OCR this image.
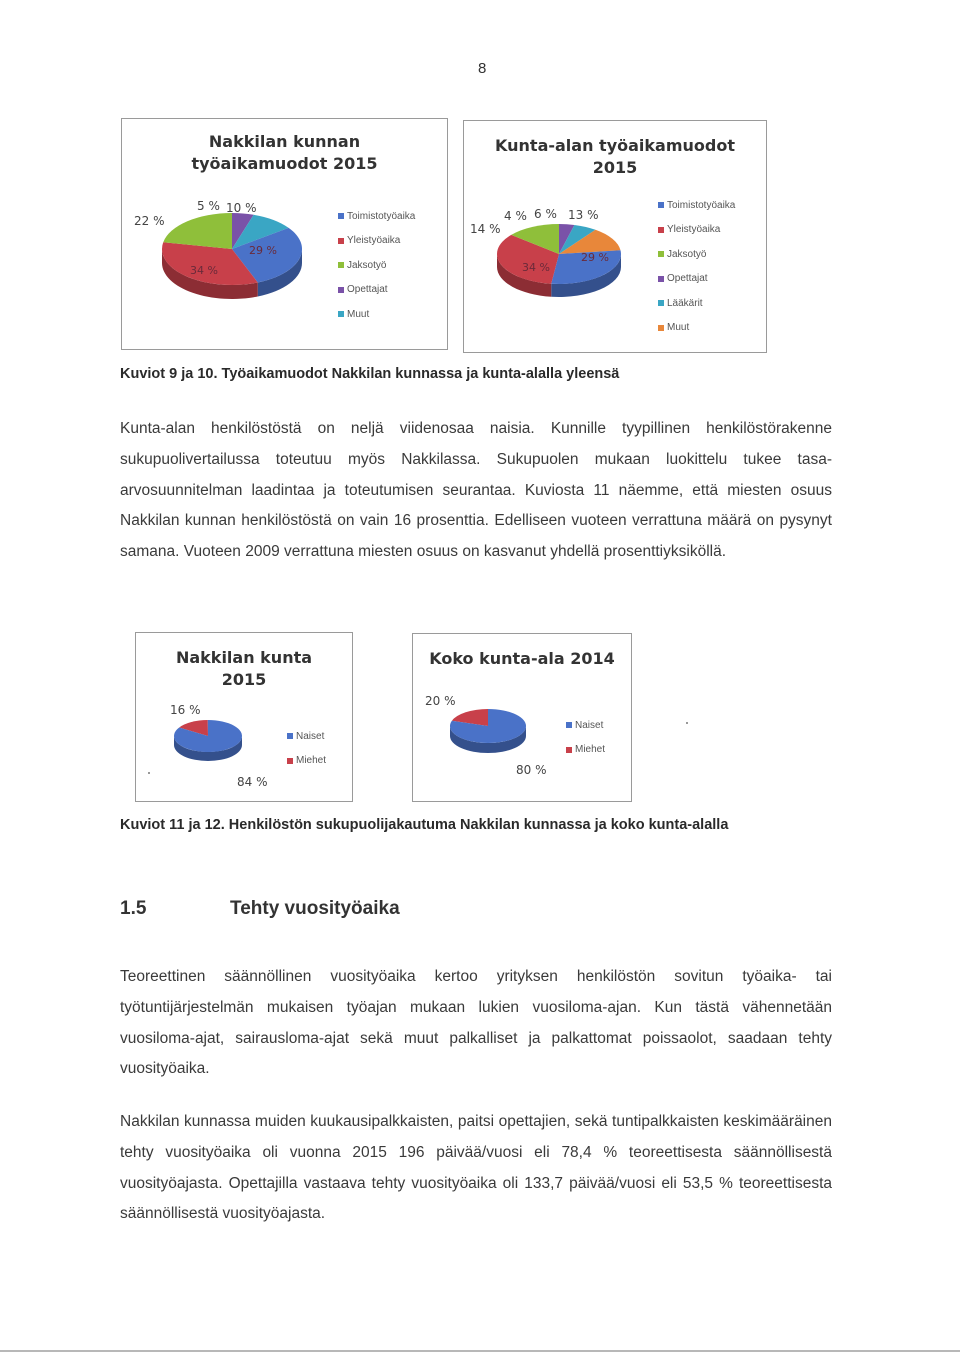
8
Nakkilan kunnan
työaikamuodot 2015
22 %
5 % 10 %
29 %
34 %
Toimistotyöaika
Yleistyöaika
Jaksotyö
Opettajat
Muut
Kunta-alan työaikamuodot
2015
14 %
4 % 6 % 13 %
29 %
34 %
Toimistotyöaika
Yleistyöaika
Jaksotyö
Opettajat
Lääkärit
Muut
Kuviot 9 ja 10. Työaikamuodot Nakkilan kunnassa ja kunta-alalla yleensä
Kunta-alan henkilöstöstä on neljä viidenosaa naisia. Kunnille tyypillinen henkilöstörakenne sukupuolivertailussa toteutuu myös Nakkilassa. Sukupuolen mukaan luokittelu tukee tasa-arvosuunnitelman laadintaa ja toteutumisen seurantaa. Kuviosta 11 näemme, että miesten osuus Nakkilan kunnan henkilöstöstä on vain 16 prosenttia. Edelliseen vuoteen verrattuna määrä on pysynyt samana. Vuoteen 2009 verrattuna miesten osuus on kasvanut yhdellä prosenttiyksiköllä.
Nakkilan kunta
2015
16 %
84 %
Naiset
Miehet
Koko kunta-ala 2014
20 %
80 %
Naiset
Miehet
Kuviot 11 ja 12. Henkilöstön sukupuolijakautuma Nakkilan kunnassa ja koko kunta-alalla
1.5	Tehty vuosityöaika
Teoreettinen säännöllinen vuosityöaika kertoo yrityksen henkilöstön sovitun työaika- tai työtuntijärjestelmän mukaisen työajan mukaan lukien vuosiloma-ajan. Kun tästä vähennetään vuosiloma-ajat, sairausloma-ajat sekä muut palkalliset ja palkattomat poissaolot, saadaan tehty vuosityöaika.
Nakkilan kunnassa muiden kuukausipalkkaisten, paitsi opettajien, sekä tuntipalkkaisten keskimääräinen tehty vuosityöaika oli vuonna 2015 196 päivää/vuosi eli 78,4 % teoreettisesta säännöllisestä vuosityöajasta. Opettajilla vastaava tehty vuosityöaika oli 133,7 päivää/vuosi eli 53,5 % teoreettisesta säännöllisestä vuosityöajasta.
